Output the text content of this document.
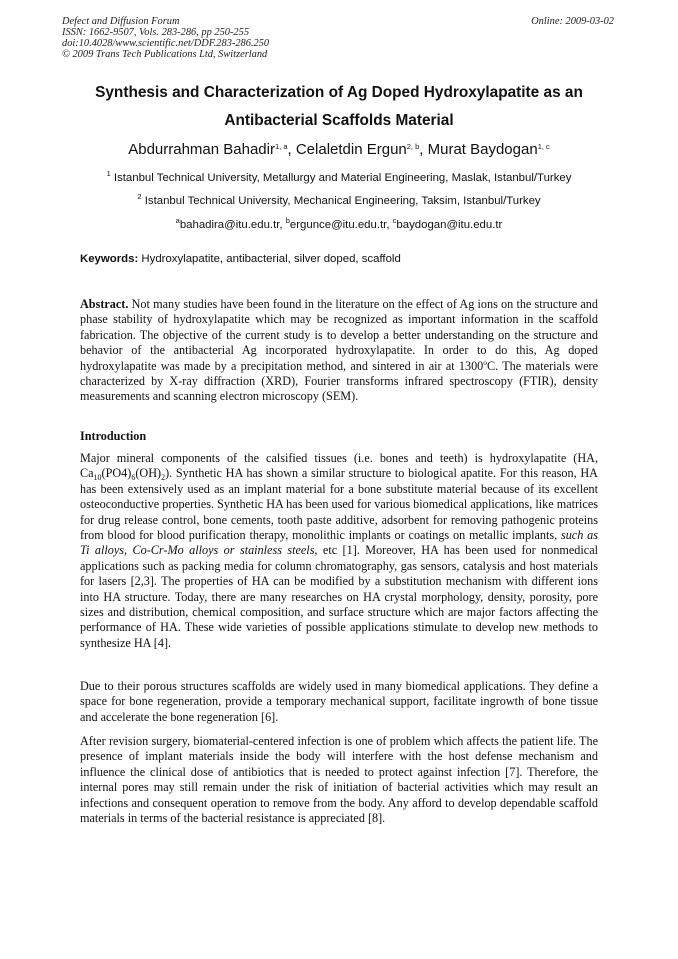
Defect and Diffusion Forum
ISSN: 1662-9507, Vols. 283-286, pp 250-255
doi:10.4028/www.scientific.net/DDF.283-286.250
© 2009 Trans Tech Publications Ltd, Switzerland
Online: 2009-03-02
Synthesis and Characterization of Ag Doped Hydroxylapatite as an
Antibacterial Scaffolds Material
Abdurrahman Bahadir$^{1, a}$, Celaletdin Ergun$^{2, b}$, Murat Baydogan$^{1, c}$
$^1$ Istanbul Technical University, Metallurgy and Material Engineering, Maslak, Istanbul/Turkey
$^2$ Istanbul Technical University, Mechanical Engineering, Taksim, Istanbul/Turkey
$^a$bahadira@itu.edu.tr, $^b$ergunce@itu.edu.tr, $^c$baydogan@itu.edu.tr
Keywords: Hydroxylapatite, antibacterial, silver doped, scaffold

Abstract. Not many studies have been found in the literature on the effect of Ag ions on the structure and phase stability of hydroxylapatite which may be recognized as important information in the scaffold fabrication. The objective of the current study is to develop a better understanding on the structure and behavior of the antibacterial Ag incorporated hydroxylapatite. In order to do this, Ag doped hydroxylapatite was made by a precipitation method, and sintered in air at 1300$^o$C. The materials were characterized by X-ray diffraction (XRD), Fourier transforms infrared spectroscopy (FTIR), density measurements and scanning electron microscopy (SEM).

Introduction

Major mineral components of the calsified tissues (i.e. bones and teeth) is hydroxylapatite (HA, $Ca_{10}(PO4)_6(OH)_2$). Synthetic HA has shown a similar structure to biological apatite. For this reason, HA has been extensively used as an implant material for a bone substitute material because of its excellent osteoconductive properties. Synthetic HA has been used for various biomedical applications, like matrices for drug release control, bone cements, tooth paste additive, adsorbent for removing pathogenic proteins from blood for blood purification therapy, monolithic implants or coatings on metallic implants, such as Ti alloys, Co-Cr-Mo alloys or stainless steels, etc [1]. Moreover, HA has been used for nonmedical applications such as packing media for column chromatography, gas sensors, catalysis and host materials for lasers [2,3]. The properties of HA can be modified by a substitution mechanism with different ions into HA structure. Today, there are many researches on HA crystal morphology, density, porosity, pore sizes and distribution, chemical composition, and surface structure which are major factors affecting the performance of HA. These wide varieties of possible applications stimulate to develop new methods to synthesize HA [4].

Due to their porous structures scaffolds are widely used in many biomedical applications. They define a space for bone regeneration, provide a temporary mechanical support, facilitate ingrowth of bone tissue and accelerate the bone regeneration [6].

After revision surgery, biomaterial-centered infection is one of problem which affects the patient life. The presence of implant materials inside the body will interfere with the host defense mechanism and influence the clinical dose of antibiotics that is needed to protect against infection [7]. Therefore, the internal pores may still remain under the risk of initiation of bacterial activities which may result an infections and consequent operation to remove from the body. Any afford to develop dependable scaffold materials in terms of the bacterial resistance is appreciated [8].
